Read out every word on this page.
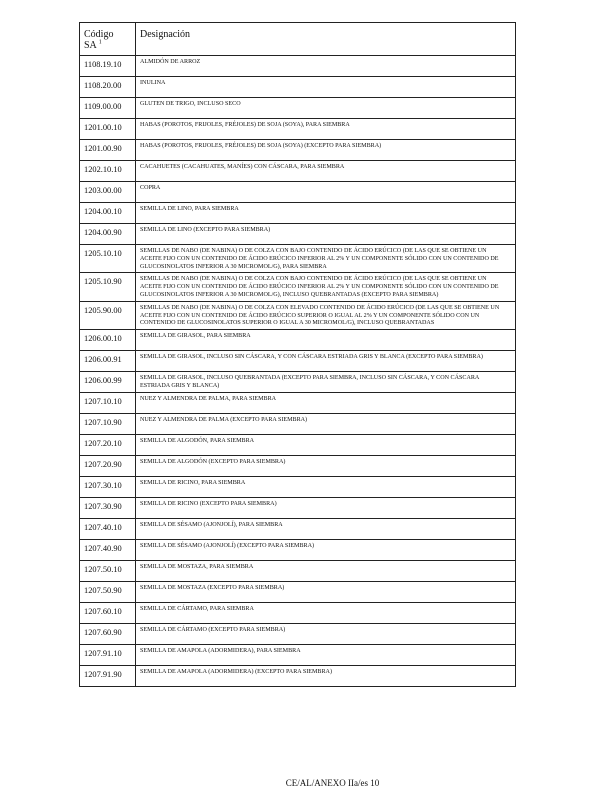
Código
SA $^1$	Designación
1108.19.10	ALMIDÓN DE ARROZ
1108.20.00	INULINA
1109.00.00	GLUTEN DE TRIGO, INCLUSO SECO
1201.00.10	HABAS (POROTOS, FRIJOLES, FRÉJOLES) DE SOJA (SOYA), PARA SIEMBRA
1201.00.90	HABAS (POROTOS, FRIJOLES, FRÉJOLES) DE SOJA (SOYA) (EXCEPTO PARA SIEMBRA)
1202.10.10	CACAHUETES (CACAHUATES, MANÍES) CON CÁSCARA, PARA SIEMBRA
1203.00.00	COPRA
1204.00.10	SEMILLA DE LINO, PARA SIEMBRA
1204.00.90	SEMILLA DE LINO (EXCEPTO PARA SIEMBRA)
1205.10.10	SEMILLAS DE NABO (DE NABINA) O DE COLZA CON BAJO CONTENIDO DE ÁCIDO ERÚCICO (DE LAS QUE SE OBTIENE UN ACEITE FIJO CON UN CONTENIDO DE ÁCIDO ERÚCICO INFERIOR AL 2% Y UN COMPONENTE SÓLIDO CON UN CONTENIDO DE GLUCOSINOLATOS INFERIOR A 30 MICROMOL/G), PARA SIEMBRA
1205.10.90	SEMILLAS DE NABO (DE NABINA) O DE COLZA CON BAJO CONTENIDO DE ÁCIDO ERÚCICO (DE LAS QUE SE OBTIENE UN ACEITE FIJO CON UN CONTENIDO DE ÁCIDO ERÚCICO INFERIOR AL 2% Y UN COMPONENTE SÓLIDO CON UN CONTENIDO DE GLUCOSINOLATOS INFERIOR A 30 MICROMOL/G), INCLUSO QUEBRANTADAS (EXCEPTO PARA SIEMBRA)
1205.90.00	SEMILLAS DE NABO (DE NABINA) O DE COLZA CON ELEVADO CONTENIDO DE ÁCIDO ERÚCICO (DE LAS QUE SE OBTIENE UN ACEITE FIJO CON UN CONTENIDO DE ÁCIDO ERÚCICO SUPERIOR O IGUAL AL 2% Y UN COMPONENTE SÓLIDO CON UN CONTENIDO DE GLUCOSINOLATOS SUPERIOR O IGUAL A 30 MICROMOL/G), INCLUSO QUEBRANTADAS
1206.00.10	SEMILLA DE GIRASOL, PARA SIEMBRA
1206.00.91	SEMILLA DE GIRASOL, INCLUSO SIN CÁSCARA, Y CON CÁSCARA ESTRIADA GRIS Y BLANCA (EXCEPTO PARA SIEMBRA)
1206.00.99	SEMILLA DE GIRASOL, INCLUSO QUEBRANTADA (EXCEPTO PARA SIEMBRA, INCLUSO SIN CÁSCARA, Y CON CÁSCARA ESTRIADA GRIS Y BLANCA)
1207.10.10	NUEZ Y ALMENDRA DE PALMA, PARA SIEMBRA
1207.10.90	NUEZ Y ALMENDRA DE PALMA (EXCEPTO PARA SIEMBRA)
1207.20.10	SEMILLA DE ALGODÓN, PARA SIEMBRA
1207.20.90	SEMILLA DE ALGODÓN (EXCEPTO PARA SIEMBRA)
1207.30.10	SEMILLA DE RICINO, PARA SIEMBRA
1207.30.90	SEMILLA DE RICINO (EXCEPTO PARA SIEMBRA)
1207.40.10	SEMILLA DE SÉSAMO (AJONJOLÍ), PARA SIEMBRA
1207.40.90	SEMILLA DE SÉSAMO (AJONJOLÍ) (EXCEPTO PARA SIEMBRA)
1207.50.10	SEMILLA DE MOSTAZA, PARA SIEMBRA
1207.50.90	SEMILLA DE MOSTAZA (EXCEPTO PARA SIEMBRA)
1207.60.10	SEMILLA DE CÁRTAMO, PARA SIEMBRA
1207.60.90	SEMILLA DE CÁRTAMO (EXCEPTO PARA SIEMBRA)
1207.91.10	SEMILLA DE AMAPOLA (ADORMIDERA), PARA SIEMBRA
1207.91.90	SEMILLA DE AMAPOLA (ADORMIDERA) (EXCEPTO PARA SIEMBRA)
CE/AL/ANEXO IIa/es 10
